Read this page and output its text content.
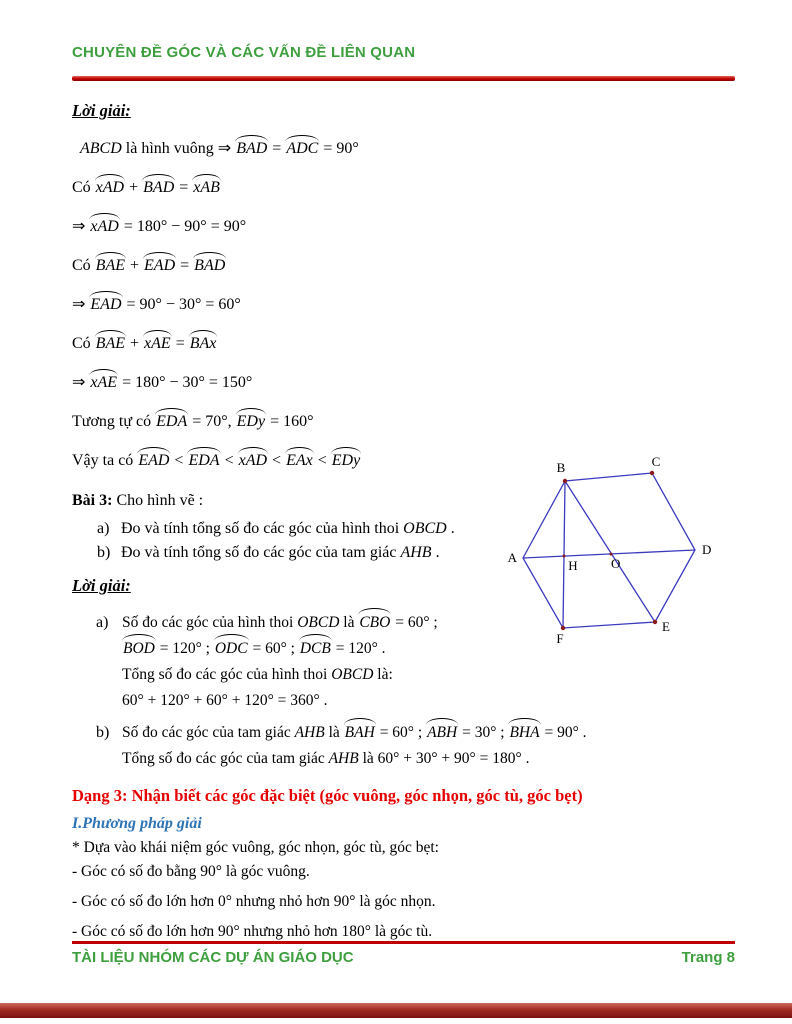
CHUYÊN ĐỀ GÓC VÀ CÁC VẤN ĐỀ LIÊN QUAN
Lời giải:
ABCD là hình vuông ⇒ BAD = ADC = 90°
Có xAD + BAD = xAB
⇒ xAD = 180° − 90° = 90°
Có BAE + EAD = BAD
⇒ EAD = 90° − 30° = 60°
Có BAE + xAE = BAx
⇒ xAE = 180° − 30° = 150°
Tương tự có EDA = 70°, EDy = 160°
Vậy ta có EAD < EDA < xAD < EAx < EDy
Bài 3: Cho hình vẽ :
a) Đo và tính tổng số đo các góc của hình thoi OBCD .
b) Đo và tính tổng số đo các góc của tam giác AHB .
Lời giải:
a) Số đo các góc của hình thoi OBCD là CBO = 60° ;
BOD = 120° ; ODC = 60° ; DCB = 120° .
Tổng số đo các góc của hình thoi OBCD là:
60° + 120° + 60° + 120° = 360° .
b) Số đo các góc của tam giác AHB là BAH = 60° ; ABH = 30° ; BHA = 90° .
Tổng số đo các góc của tam giác AHB là 60° + 30° + 90° = 180° .
Dạng 3: Nhận biết các góc đặc biệt (góc vuông, góc nhọn, góc tù, góc bẹt)
I.Phương pháp giải
* Dựa vào khái niệm góc vuông, góc nhọn, góc tù, góc bẹt:
- Góc có số đo bằng 90° là góc vuông.
- Góc có số đo lớn hơn 0° nhưng nhỏ hơn 90° là góc nhọn.
- Góc có số đo lớn hơn 90° nhưng nhỏ hơn 180° là góc tù.
A
B	C
D
E
F
H	O
TÀI LIỆU NHÓM CÁC DỰ ÁN GIÁO DỤC	Trang 8
